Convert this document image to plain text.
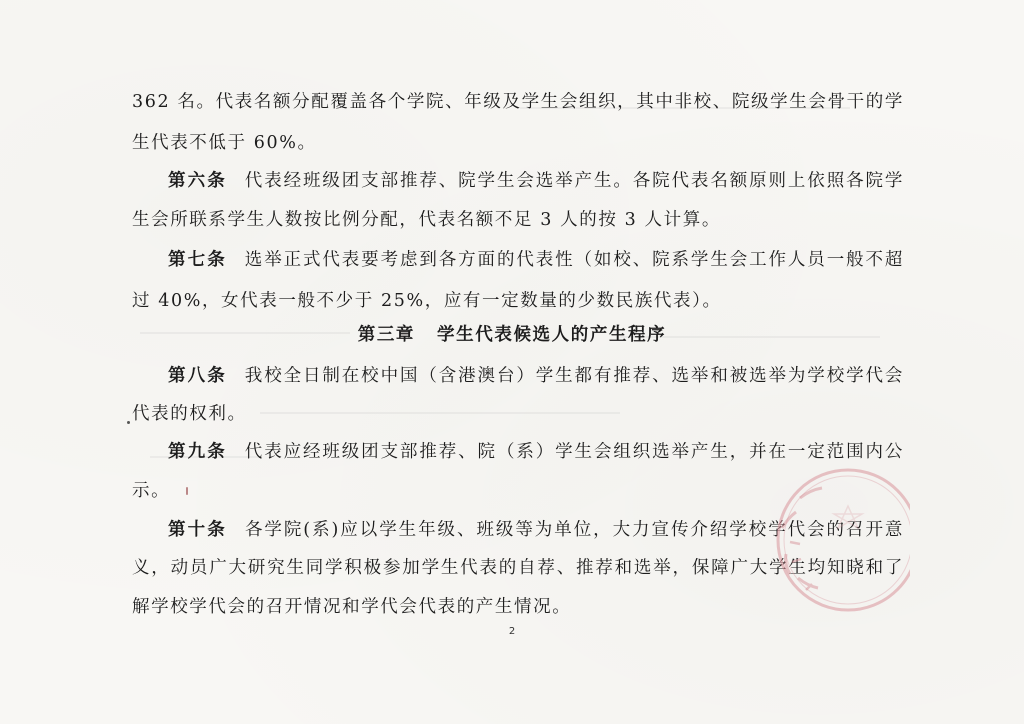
362 名。代表名额分配覆盖各个学院、年级及学生会组织，其中非校、院级学生会骨干的学
生代表不低于 60%。
第六条 代表经班级团支部推荐、院学生会选举产生。各院代表名额原则上依照各院学
生会所联系学生人数按比例分配，代表名额不足 3 人的按 3 人计算。
第七条 选举正式代表要考虑到各方面的代表性（如校、院系学生会工作人员一般不超
过 40%，女代表一般不少于 25%，应有一定数量的少数民族代表）。
第三章 学生代表候选人的产生程序
第八条 我校全日制在校中国（含港澳台）学生都有推荐、选举和被选举为学校学代会
代表的权利。
第九条 代表应经班级团支部推荐、院（系）学生会组织选举产生，并在一定范围内公
示。
第十条 各学院(系)应以学生年级、班级等为单位，大力宣传介绍学校学代会的召开意
义，动员广大研究生同学积极参加学生代表的自荐、推荐和选举，保障广大学生均知晓和了
解学校学代会的召开情况和学代会代表的产生情况。
2
